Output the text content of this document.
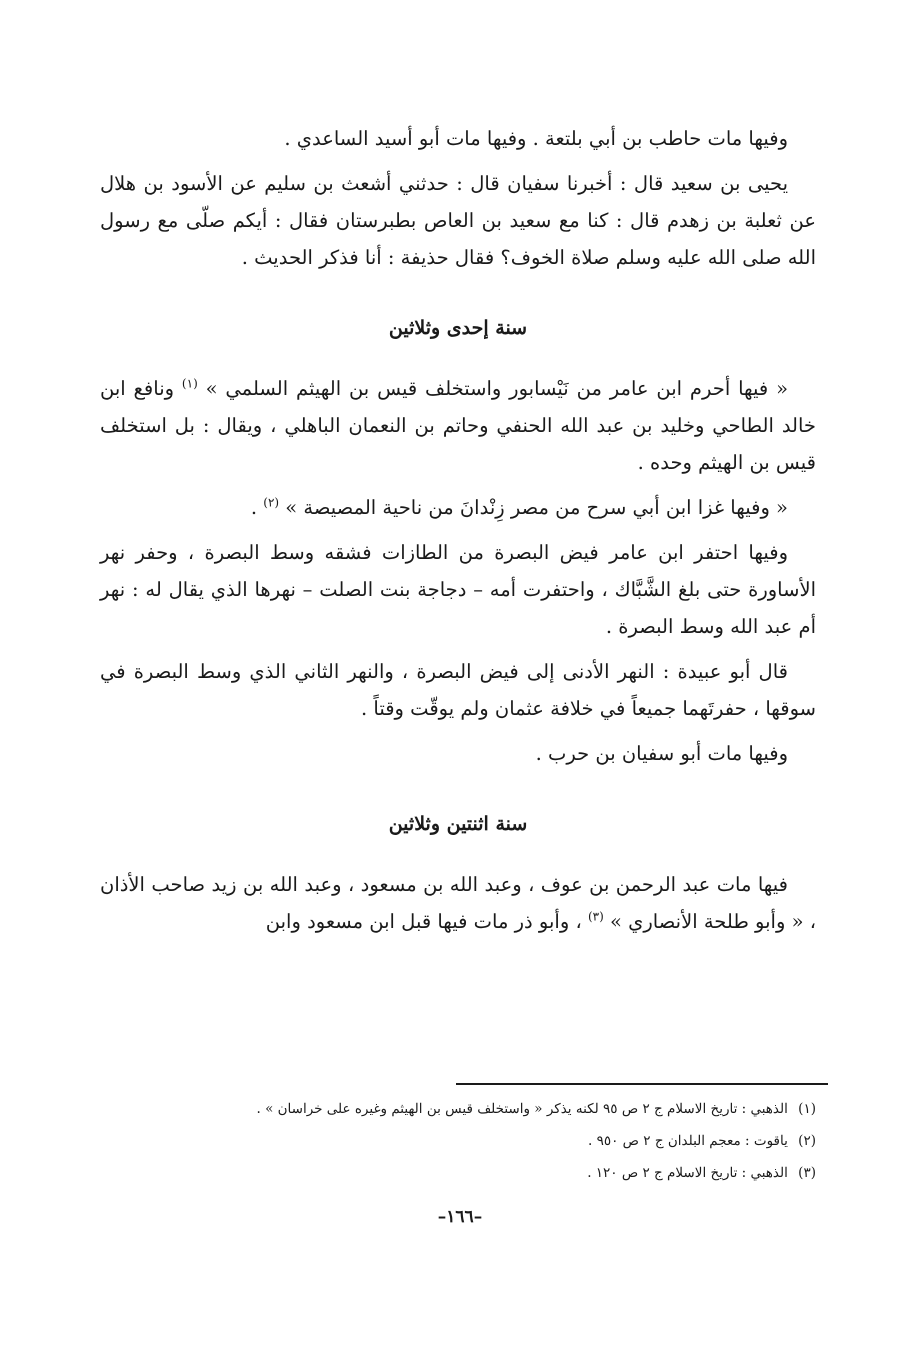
وفيها مات حاطب بن أبي بلتعة . وفيها مات أبو أسيد الساعدي .

يحيى بن سعيد قال : أخبرنا سفيان قال : حدثني أشعث بن سليم عن الأسود بن هلال عن ثعلبة بن زهدم قال : كنا مع سعيد بن العاص بطبرستان فقال : أيكم صلّى مع رسول الله صلى الله عليه وسلم صلاة الخوف؟ فقال حذيفة : أنا فذكر الحديث .

سنة إحدى وثلاثين

« فيها أحرم ابن عامر من نَيْسابور واستخلف قيس بن الهيثم السلمي » $^{(١)}$ ونافع ابن خالد الطاحي وخليد بن عبد الله الحنفي وحاتم بن النعمان الباهلي ، ويقال : بل استخلف قيس بن الهيثم وحده .

« وفيها غزا ابن أبي سرح من مصر زِنْدانَ من ناحية المصيصة » $^{(٢)}$ .

وفيها احتفر ابن عامر فيض البصرة من الطازات فشقه وسط البصرة ، وحفر نهر الأساورة حتى بلغ الشَّبَّاك ، واحتفرت أمه – دجاجة بنت الصلت – نهرها الذي يقال له : نهر أم عبد الله وسط البصرة .

قال أبو عبيدة : النهر الأدنى إلى فيض البصرة ، والنهر الثاني الذي وسط البصرة في سوقها ، حفرتَهما جميعاً في خلافة عثمان ولم يوقّت وقتاً .

وفيها مات أبو سفيان بن حرب .

سنة اثنتين وثلاثين

فيها مات عبد الرحمن بن عوف ، وعبد الله بن مسعود ، وعبد الله بن زيد صاحب الأذان ، « وأبو طلحة الأنصاري » $^{(٣)}$ ، وأبو ذر مات فيها قبل ابن مسعود وابن

(١) الذهبي : تاريخ الاسلام ج ٢ ص ٩٥ لكنه يذكر « واستخلف قيس بن الهيثم وغيره على خراسان » .

(٢) ياقوت : معجم البلدان ج ٢ ص ٩٥٠ .

(٣) الذهبي : تاريخ الاسلام ج ٢ ص ١٢٠ .

–١٦٦–
